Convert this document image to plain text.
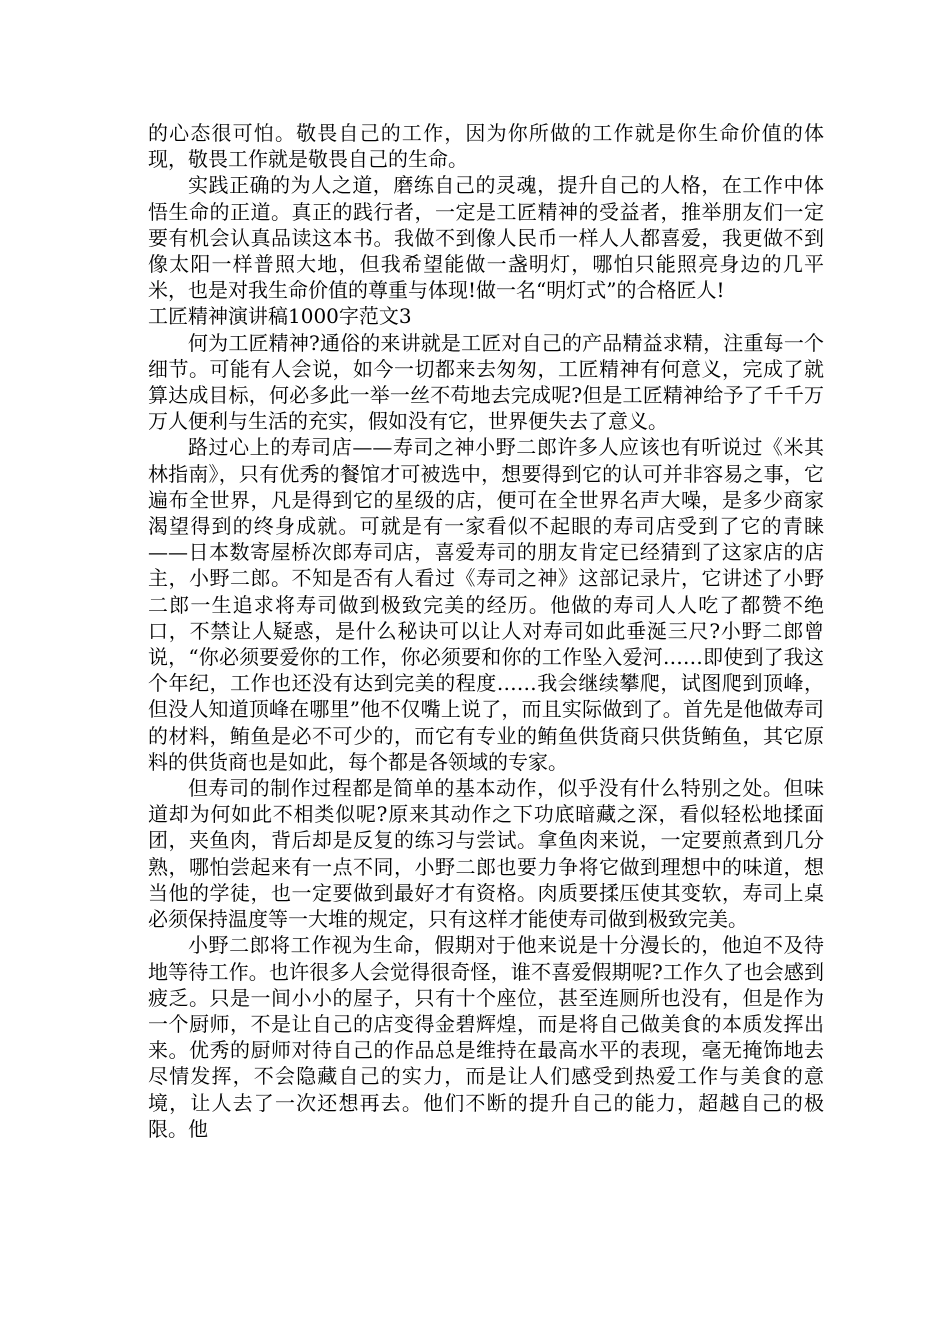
的心态很可怕。敬畏自己的工作，因为你所做的工作就是你生命价值的体现，敬畏工作就是敬畏自己的生命。

实践正确的为人之道，磨练自己的灵魂，提升自己的人格，在工作中体悟生命的正道。真正的践行者，一定是工匠精神的受益者，推举朋友们一定要有机会认真品读这本书。我做不到像人民币一样人人都喜爱，我更做不到像太阳一样普照大地，但我希望能做一盏明灯，哪怕只能照亮身边的几平米，也是对我生命价值的尊重与体现!做一名“明灯式”的合格匠人!

工匠精神演讲稿1000字范文3

何为工匠精神?通俗的来讲就是工匠对自己的产品精益求精，注重每一个细节。可能有人会说，如今一切都来去匆匆，工匠精神有何意义，完成了就算达成目标，何必多此一举一丝不苟地去完成呢?但是工匠精神给予了千千万万人便利与生活的充实，假如没有它，世界便失去了意义。

路过心上的寿司店——寿司之神小野二郎许多人应该也有听说过《米其林指南》，只有优秀的餐馆才可被选中，想要得到它的认可并非容易之事，它遍布全世界，凡是得到它的星级的店，便可在全世界名声大噪，是多少商家渴望得到的终身成就。可就是有一家看似不起眼的寿司店受到了它的青睐——日本数寄屋桥次郎寿司店，喜爱寿司的朋友肯定已经猜到了这家店的店主，小野二郎。不知是否有人看过《寿司之神》这部记录片，它讲述了小野二郎一生追求将寿司做到极致完美的经历。他做的寿司人人吃了都赞不绝口，不禁让人疑惑，是什么秘诀可以让人对寿司如此垂涎三尺?小野二郎曾说，“你必须要爱你的工作，你必须要和你的工作坠入爱河……即使到了我这个年纪，工作也还没有达到完美的程度……我会继续攀爬，试图爬到顶峰，但没人知道顶峰在哪里”他不仅嘴上说了，而且实际做到了。首先是他做寿司的材料，鲔鱼是必不可少的，而它有专业的鲔鱼供货商只供货鲔鱼，其它原料的供货商也是如此，每个都是各领域的专家。

但寿司的制作过程都是简单的基本动作，似乎没有什么特别之处。但味道却为何如此不相类似呢?原来其动作之下功底暗藏之深，看似轻松地揉面团，夹鱼肉，背后却是反复的练习与尝试。拿鱼肉来说，一定要煎煮到几分熟，哪怕尝起来有一点不同，小野二郎也要力争将它做到理想中的味道，想当他的学徒，也一定要做到最好才有资格。肉质要揉压使其变软，寿司上桌必须保持温度等一大堆的规定，只有这样才能使寿司做到极致完美。

小野二郎将工作视为生命，假期对于他来说是十分漫长的，他迫不及待地等待工作。也许很多人会觉得很奇怪，谁不喜爱假期呢?工作久了也会感到疲乏。只是一间小小的屋子，只有十个座位，甚至连厕所也没有，但是作为一个厨师，不是让自己的店变得金碧辉煌，而是将自己做美食的本质发挥出来。优秀的厨师对待自己的作品总是维持在最高水平的表现，毫无掩饰地去尽情发挥，不会隐藏自己的实力，而是让人们感受到热爱工作与美食的意境，让人去了一次还想再去。他们不断的提升自己的能力，超越自己的极限。他
